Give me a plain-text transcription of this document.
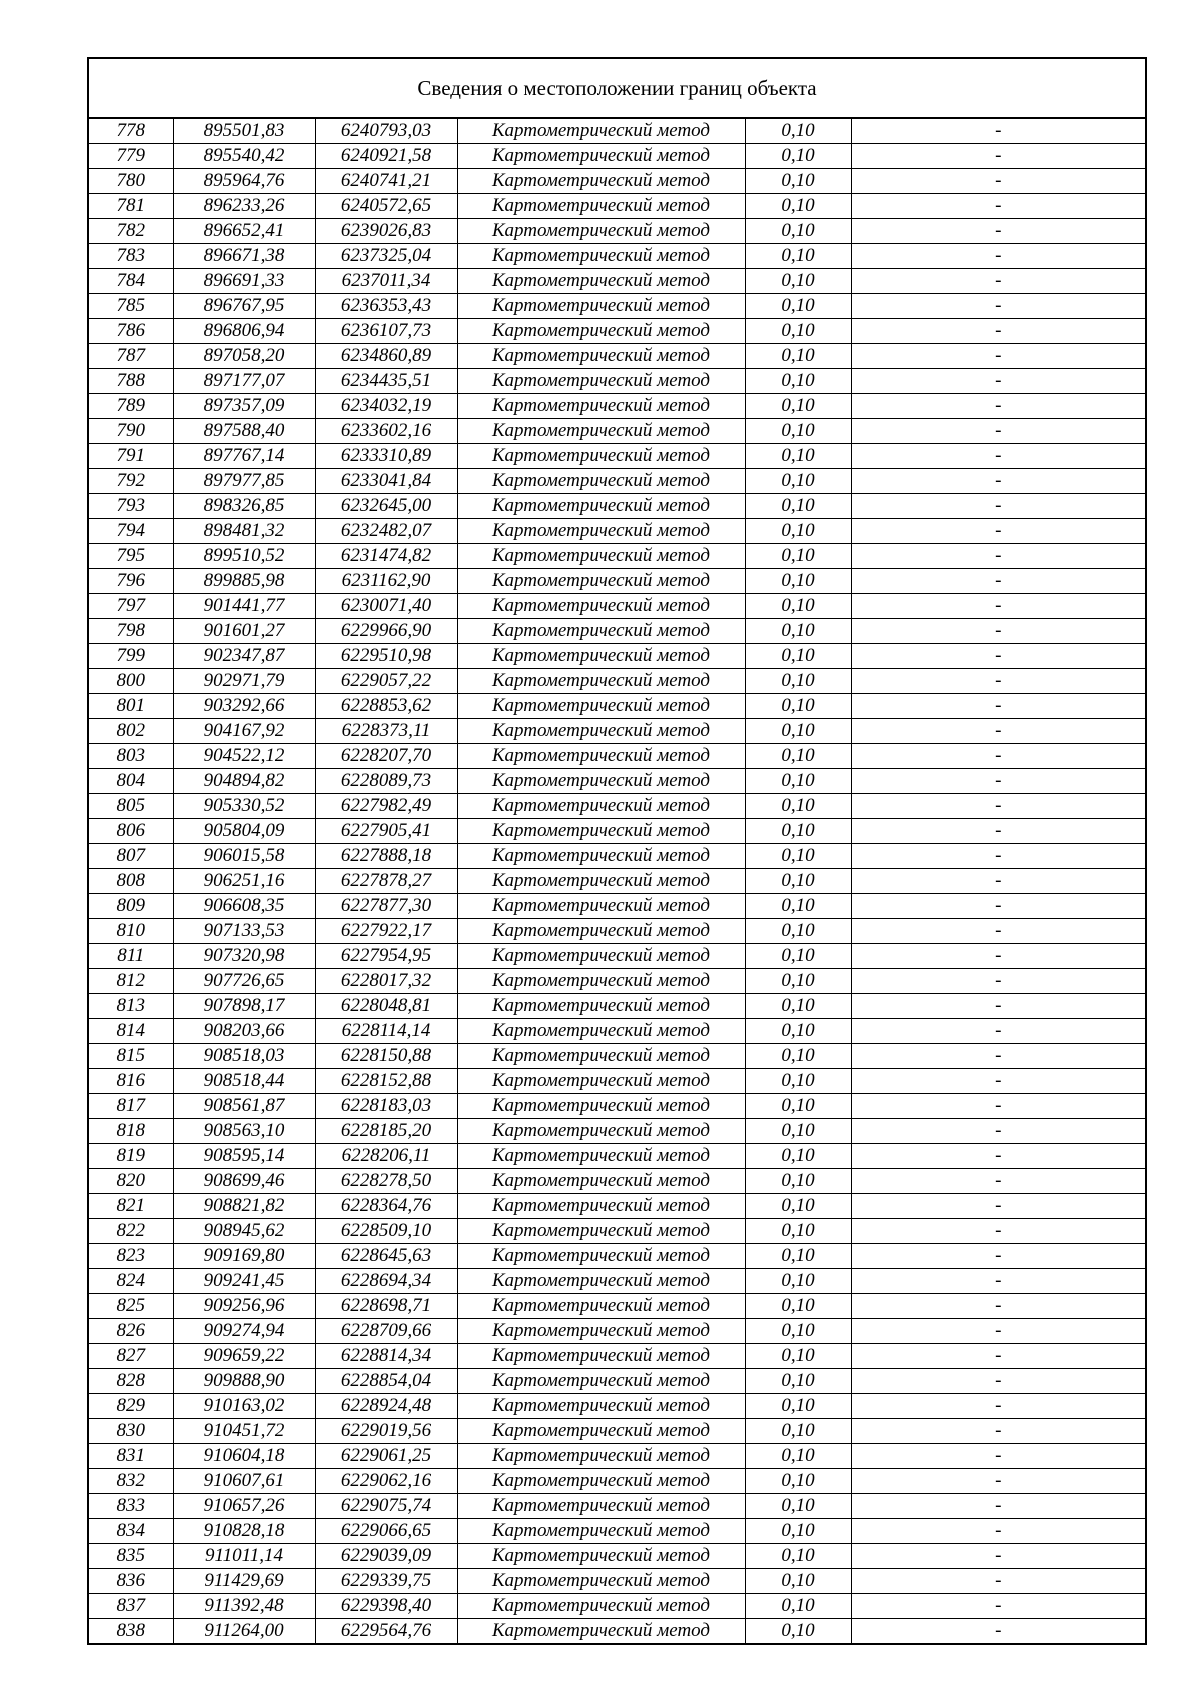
Сведения о местоположении границ объекта
778	895501,83	6240793,03	Картометрический метод	0,10	-
779	895540,42	6240921,58	Картометрический метод	0,10	-
780	895964,76	6240741,21	Картометрический метод	0,10	-
781	896233,26	6240572,65	Картометрический метод	0,10	-
782	896652,41	6239026,83	Картометрический метод	0,10	-
783	896671,38	6237325,04	Картометрический метод	0,10	-
784	896691,33	6237011,34	Картометрический метод	0,10	-
785	896767,95	6236353,43	Картометрический метод	0,10	-
786	896806,94	6236107,73	Картометрический метод	0,10	-
787	897058,20	6234860,89	Картометрический метод	0,10	-
788	897177,07	6234435,51	Картометрический метод	0,10	-
789	897357,09	6234032,19	Картометрический метод	0,10	-
790	897588,40	6233602,16	Картометрический метод	0,10	-
791	897767,14	6233310,89	Картометрический метод	0,10	-
792	897977,85	6233041,84	Картометрический метод	0,10	-
793	898326,85	6232645,00	Картометрический метод	0,10	-
794	898481,32	6232482,07	Картометрический метод	0,10	-
795	899510,52	6231474,82	Картометрический метод	0,10	-
796	899885,98	6231162,90	Картометрический метод	0,10	-
797	901441,77	6230071,40	Картометрический метод	0,10	-
798	901601,27	6229966,90	Картометрический метод	0,10	-
799	902347,87	6229510,98	Картометрический метод	0,10	-
800	902971,79	6229057,22	Картометрический метод	0,10	-
801	903292,66	6228853,62	Картометрический метод	0,10	-
802	904167,92	6228373,11	Картометрический метод	0,10	-
803	904522,12	6228207,70	Картометрический метод	0,10	-
804	904894,82	6228089,73	Картометрический метод	0,10	-
805	905330,52	6227982,49	Картометрический метод	0,10	-
806	905804,09	6227905,41	Картометрический метод	0,10	-
807	906015,58	6227888,18	Картометрический метод	0,10	-
808	906251,16	6227878,27	Картометрический метод	0,10	-
809	906608,35	6227877,30	Картометрический метод	0,10	-
810	907133,53	6227922,17	Картометрический метод	0,10	-
811	907320,98	6227954,95	Картометрический метод	0,10	-
812	907726,65	6228017,32	Картометрический метод	0,10	-
813	907898,17	6228048,81	Картометрический метод	0,10	-
814	908203,66	6228114,14	Картометрический метод	0,10	-
815	908518,03	6228150,88	Картометрический метод	0,10	-
816	908518,44	6228152,88	Картометрический метод	0,10	-
817	908561,87	6228183,03	Картометрический метод	0,10	-
818	908563,10	6228185,20	Картометрический метод	0,10	-
819	908595,14	6228206,11	Картометрический метод	0,10	-
820	908699,46	6228278,50	Картометрический метод	0,10	-
821	908821,82	6228364,76	Картометрический метод	0,10	-
822	908945,62	6228509,10	Картометрический метод	0,10	-
823	909169,80	6228645,63	Картометрический метод	0,10	-
824	909241,45	6228694,34	Картометрический метод	0,10	-
825	909256,96	6228698,71	Картометрический метод	0,10	-
826	909274,94	6228709,66	Картометрический метод	0,10	-
827	909659,22	6228814,34	Картометрический метод	0,10	-
828	909888,90	6228854,04	Картометрический метод	0,10	-
829	910163,02	6228924,48	Картометрический метод	0,10	-
830	910451,72	6229019,56	Картометрический метод	0,10	-
831	910604,18	6229061,25	Картометрический метод	0,10	-
832	910607,61	6229062,16	Картометрический метод	0,10	-
833	910657,26	6229075,74	Картометрический метод	0,10	-
834	910828,18	6229066,65	Картометрический метод	0,10	-
835	911011,14	6229039,09	Картометрический метод	0,10	-
836	911429,69	6229339,75	Картометрический метод	0,10	-
837	911392,48	6229398,40	Картометрический метод	0,10	-
838	911264,00	6229564,76	Картометрический метод	0,10	-
